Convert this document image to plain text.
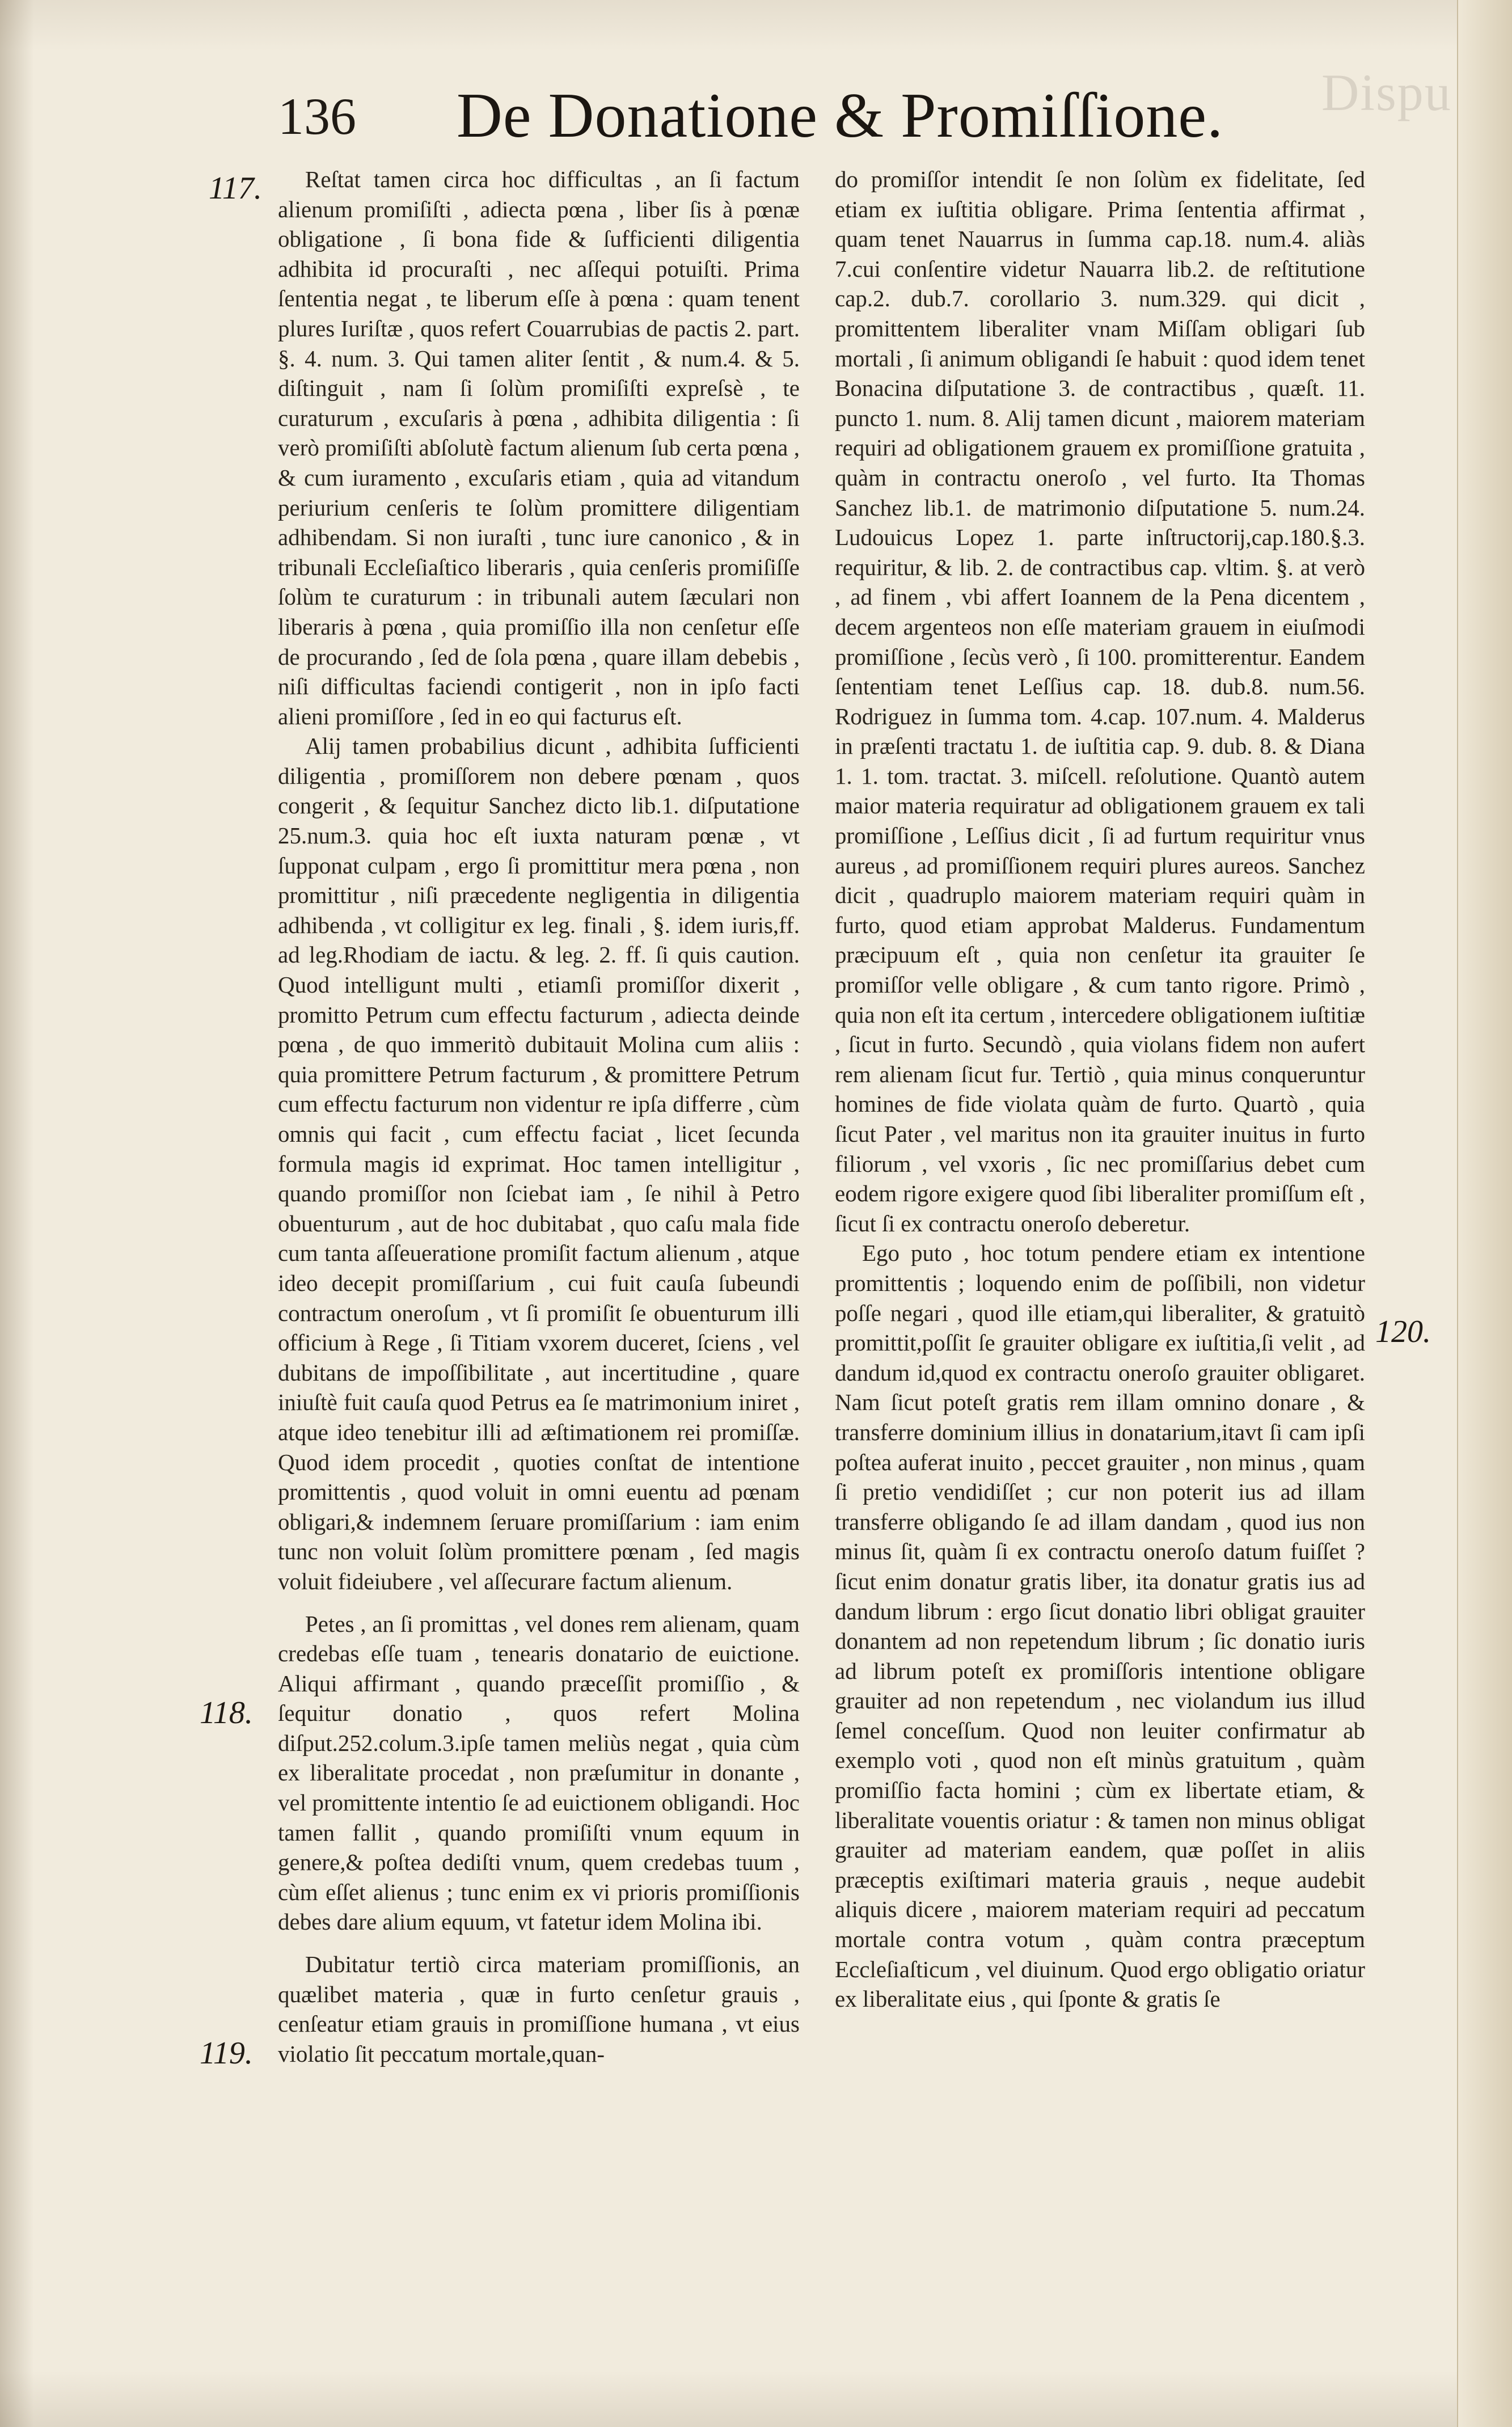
Dispu
136 De Donatione & Promiſſione.
117.
118.
119.
120.

Reſtat tamen circa hoc difficultas , an ſi factum alienum promiſiſti , adiecta pœna , liber ſis à pœnæ obligatione , ſi bona fide & ſufficienti diligentia adhibita id procuraſti , nec aſſequi potuiſti. Prima ſententia negat , te liberum eſſe à pœna : quam tenent plures Iuriſtæ , quos refert Couarrubias de pactis 2. part. §. 4. num. 3. Qui tamen aliter ſentit , & num.4. & 5. diſtinguit , nam ſi ſolùm promiſiſti expreſsè , te curaturum , excuſaris à pœna , adhibita diligentia : ſi verò promiſiſti abſolutè factum alienum ſub certa pœna , & cum iuramento , excuſaris etiam , quia ad vitandum periurium cenſeris te ſolùm promittere diligentiam adhibendam. Si non iuraſti , tunc iure canonico , & in tribunali Eccleſiaſtico liberaris , quia cenſeris promiſiſſe ſolùm te curaturum : in tribunali autem ſæculari non liberaris à pœna , quia promiſſio illa non cenſetur eſſe de procurando , ſed de ſola pœna , quare illam debebis , niſi difficultas faciendi contigerit , non in ipſo facti alieni promiſſore , ſed in eo qui facturus eſt.

Alij tamen probabilius dicunt , adhibita ſufficienti diligentia , promiſſorem non debere pœnam , quos congerit , & ſequitur Sanchez dicto lib.1. diſputatione 25.num.3. quia hoc eſt iuxta naturam pœnæ , vt ſupponat culpam , ergo ſi promittitur mera pœna , non promittitur , niſi præcedente negligentia in diligentia adhibenda , vt colligitur ex leg. finali , §. idem iuris,ff. ad leg.Rhodiam de iactu. & leg. 2. ff. ſi quis caution. Quod intelligunt multi , etiamſi promiſſor dixerit , promitto Petrum cum effectu facturum , adiecta deinde pœna , de quo immeritò dubitauit Molina cum aliis : quia promittere Petrum facturum , & promittere Petrum cum effectu facturum non videntur re ipſa differre , cùm omnis qui facit , cum effectu faciat , licet ſecunda formula magis id exprimat. Hoc tamen intelligitur , quando promiſſor non ſciebat iam , ſe nihil à Petro obuenturum , aut de hoc dubitabat , quo caſu mala fide cum tanta aſſeueratione promiſit factum alienum , atque ideo decepit promiſſarium , cui fuit cauſa ſubeundi contractum oneroſum , vt ſi promiſit ſe obuenturum illi officium à Rege , ſi Titiam vxorem duceret, ſciens , vel dubitans de impoſſibilitate , aut incertitudine , quare iniuſtè fuit cauſa quod Petrus ea ſe matrimonium iniret , atque ideo tenebitur illi ad æſtimationem rei promiſſæ. Quod idem procedit , quoties conſtat de intentione promittentis , quod voluit in omni euentu ad pœnam obligari,& indemnem ſeruare promiſſarium : iam enim tunc non voluit ſolùm promittere pœnam , ſed magis voluit fideiubere , vel aſſecurare factum alienum.

Petes , an ſi promittas , vel dones rem alienam, quam credebas eſſe tuam , tenearis donatario de euictione. Aliqui affirmant , quando præceſſit promiſſio , & ſequitur donatio , quos refert Molina diſput.252.colum.3.ipſe tamen meliùs negat , quia cùm ex liberalitate procedat , non præſumitur in donante , vel promittente intentio ſe ad euictionem obligandi. Hoc tamen fallit , quando promiſiſti vnum equum in genere,& poſtea dediſti vnum, quem credebas tuum , cùm eſſet alienus ; tunc enim ex vi prioris promiſſionis debes dare alium equum, vt fatetur idem Molina ibi.

Dubitatur tertiò circa materiam promiſſionis, an quælibet materia , quæ in furto cenſetur grauis , cenſeatur etiam grauis in promiſſione humana , vt eius violatio ſit peccatum mortale,quan-

do promiſſor intendit ſe non ſolùm ex fidelitate, ſed etiam ex iuſtitia obligare. Prima ſententia affirmat , quam tenet Nauarrus in ſumma cap.18. num.4. aliàs 7.cui conſentire videtur Nauarra lib.2. de reſtitutione cap.2. dub.7. corollario 3. num.329. qui dicit , promittentem liberaliter vnam Miſſam obligari ſub mortali , ſi animum obligandi ſe habuit : quod idem tenet Bonacina diſputatione 3. de contractibus , quæſt. 11. puncto 1. num. 8. Alij tamen dicunt , maiorem materiam requiri ad obligationem grauem ex promiſſione gratuita , quàm in contractu oneroſo , vel furto. Ita Thomas Sanchez lib.1. de matrimonio diſputatione 5. num.24. Ludouicus Lopez 1. parte inſtructorij,cap.180.§.3. requiritur, & lib. 2. de contractibus cap. vltim. §. at verò , ad finem , vbi affert Ioannem de la Pena dicentem , decem argenteos non eſſe materiam grauem in eiuſmodi promiſſione , ſecùs verò , ſi 100. promitterentur. Eandem ſententiam tenet Leſſius cap. 18. dub.8. num.56. Rodriguez in ſumma tom. 4.cap. 107.num. 4. Malderus in præſenti tractatu 1. de iuſtitia cap. 9. dub. 8. & Diana 1. 1. tom. tractat. 3. miſcell. reſolutione. Quantò autem maior materia requiratur ad obligationem grauem ex tali promiſſione , Leſſius dicit , ſi ad furtum requiritur vnus aureus , ad promiſſionem requiri plures aureos. Sanchez dicit , quadruplo maiorem materiam requiri quàm in furto, quod etiam approbat Malderus. Fundamentum præcipuum eſt , quia non cenſetur ita grauiter ſe promiſſor velle obligare , & cum tanto rigore. Primò , quia non eſt ita certum , intercedere obligationem iuſtitiæ , ſicut in furto. Secundò , quia violans fidem non aufert rem alienam ſicut fur. Tertiò , quia minus conqueruntur homines de fide violata quàm de furto. Quartò , quia ſicut Pater , vel maritus non ita grauiter inuitus in furto filiorum , vel vxoris , ſic nec promiſſarius debet cum eodem rigore exigere quod ſibi liberaliter promiſſum eſt , ſicut ſi ex contractu oneroſo deberetur.

Ego puto , hoc totum pendere etiam ex intentione promittentis ; loquendo enim de poſſibili, non videtur poſſe negari , quod ille etiam,qui liberaliter, & gratuitò promittit,poſſit ſe grauiter obligare ex iuſtitia,ſi velit , ad dandum id,quod ex contractu oneroſo grauiter obligaret. Nam ſicut poteſt gratis rem illam omnino donare , & transferre dominium illius in donatarium,itavt ſi cam ipſi poſtea auferat inuito , peccet grauiter , non minus , quam ſi pretio vendidiſſet ; cur non poterit ius ad illam transferre obligando ſe ad illam dandam , quod ius non minus ſit, quàm ſi ex contractu oneroſo datum fuiſſet ? ſicut enim donatur gratis liber, ita donatur gratis ius ad dandum librum : ergo ſicut donatio libri obligat grauiter donantem ad non repetendum librum ; ſic donatio iuris ad librum poteſt ex promiſſoris intentione obligare grauiter ad non repetendum , nec violandum ius illud ſemel conceſſum. Quod non leuiter confirmatur ab exemplo voti , quod non eſt minùs gratuitum , quàm promiſſio facta homini ; cùm ex libertate etiam, & liberalitate vouentis oriatur : & tamen non minus obligat grauiter ad materiam eandem, quæ poſſet in aliis præceptis exiſtimari materia grauis , neque audebit aliquis dicere , maiorem materiam requiri ad peccatum mortale contra votum , quàm contra præceptum Eccleſiaſticum , vel diuinum. Quod ergo obligatio oriatur ex liberalitate eius , qui ſponte & gratis ſe
